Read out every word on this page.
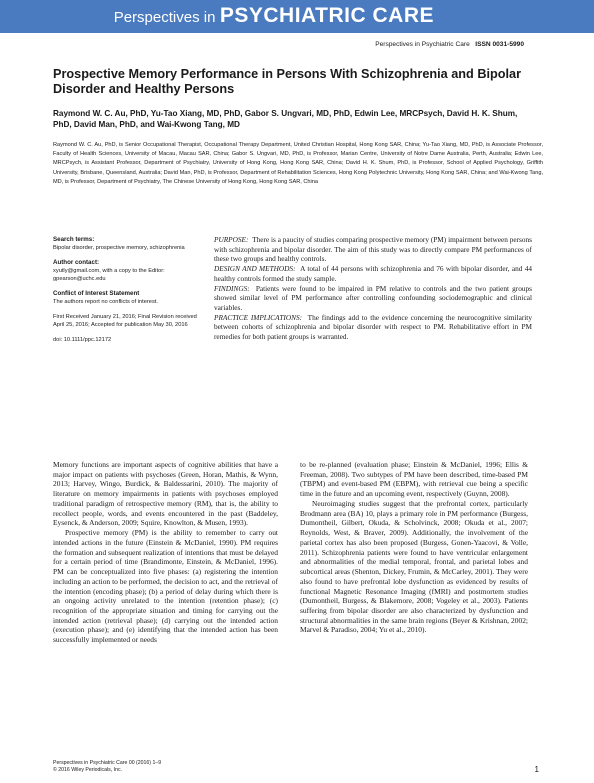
Perspectives in PSYCHIATRIC CARE
Perspectives in Psychiatric Care ISSN 0031-5990
Prospective Memory Performance in Persons With Schizophrenia and Bipolar Disorder and Healthy Persons
Raymond W. C. Au, PhD, Yu-Tao Xiang, MD, PhD, Gabor S. Ungvari, MD, PhD, Edwin Lee, MRCPsych, David H. K. Shum, PhD, David Man, PhD, and Wai-Kwong Tang, MD
Raymond W. C. Au, PhD, is Senior Occupational Therapist, Occupational Therapy Department, United Christian Hospital, Hong Kong SAR, China; Yu-Tao Xiang, MD, PhD, is Associate Professor, Faculty of Health Sciences, University of Macau, Macau SAR, China; Gabor S. Ungvari, MD, PhD, is Professor, Marian Centre, University of Notre Dame Australia, Perth, Australia; Edwin Lee, MRCPsych, is Assistant Professor, Department of Psychiatry, University of Hong Kong, Hong Kong SAR, China; David H. K. Shum, PhD, is Professor, School of Applied Psychology, Griffith University, Brisbane, Queensland, Australia; David Man, PhD, is Professor, Department of Rehabilitation Sciences, Hong Kong Polytechnic University, Hong Kong SAR, China; and Wai-Kwong Tang, MD, is Professor, Department of Psychiatry, The Chinese University of Hong Kong, Hong Kong SAR, China
Search terms:
Bipolar disorder, prospective memory, schizophrenia
Author contact:
xyutly@gmail.com, with a copy to the Editor: gpearson@uchc.edu
Conflict of Interest Statement
The authors report no conflicts of interest.
First Received January 21, 2016; Final Revision received April 25, 2016; Accepted for publication May 30, 2016
doi: 10.1111/ppc.12172

PURPOSE: There is a paucity of studies comparing prospective memory (PM) impairment between persons with schizophrenia and bipolar disorder. The aim of this study was to directly compare PM performances of these two groups and healthy controls.

DESIGN AND METHODS: A total of 44 persons with schizophrenia and 76 with bipolar disorder, and 44 healthy controls formed the study sample.

FINDINGS: Patients were found to be impaired in PM relative to controls and the two patient groups showed similar level of PM performance after controlling confounding sociodemographic and clinical variables.

PRACTICE IMPLICATIONS: The findings add to the evidence concerning the neurocognitive similarity between cohorts of schizophrenia and bipolar disorder with respect to PM. Rehabilitative effort in PM remedies for both patient groups is warranted.

Memory functions are important aspects of cognitive abilities that have a major impact on patients with psychoses (Green, Horan, Mathis, & Wynn, 2013; Harvey, Wingo, Burdick, & Baldessarini, 2010). The majority of literature on memory impairments in patients with psychoses employed traditional paradigm of retrospective memory (RM), that is, the ability to recollect people, words, and events encountered in the past (Baddeley, Eysenck, & Anderson, 2009; Squire, Knowlton, & Musen, 1993).

Prospective memory (PM) is the ability to remember to carry out intended actions in the future (Einstein & McDaniel, 1990). PM requires the formation and subsequent realization of intentions that must be delayed for a certain period of time (Brandimonte, Einstein, & McDaniel, 1996). PM can be conceptualized into five phases: (a) registering the intention including an action to be performed, the decision to act, and the retrieval of the intention (encoding phase); (b) a period of delay during which there is an ongoing activity unrelated to the intention (retention phase); (c) recognition of the appropriate situation and timing for carrying out the intended action (retrieval phase); (d) carrying out the intended action (execution phase); and (e) identifying that the intended action has been successfully implemented or needs

to be re-planned (evaluation phase; Einstein & McDaniel, 1996; Ellis & Freeman, 2008). Two subtypes of PM have been described, time-based PM (TBPM) and event-based PM (EBPM), with retrieval cue being a specific time in the future and an upcoming event, respectively (Guynn, 2008).

Neuroimaging studies suggest that the prefrontal cortex, particularly Brodmann area (BA) 10, plays a primary role in PM performance (Burgess, Dumontheil, Gilbert, Okuda, & Scholvinck, 2008; Okuda et al., 2007; Reynolds, West, & Braver, 2009). Additionally, the involvement of the parietal cortex has also been proposed (Burgess, Gonen-Yaacovi, & Volle, 2011). Schizophrenia patients were found to have ventricular enlargement and abnormalities of the medial temporal, frontal, and parietal lobes and subcortical areas (Shenton, Dickey, Frumin, & McCarley, 2001). They were also found to have prefrontal lobe dysfunction as evidenced by results of functional Magnetic Resonance Imaging (fMRI) and postmortem studies (Dumontheil, Burgess, & Blakemore, 2008; Vogeley et al., 2003). Patients suffering from bipolar disorder are also characterized by dysfunction and structural abnormalities in the same brain regions (Beyer & Krishnan, 2002; Marvel & Paradiso, 2004; Yu et al., 2010).

Perspectives in Psychiatric Care 00 (2016) 1–9
© 2016 Wiley Periodicals, Inc.	1
